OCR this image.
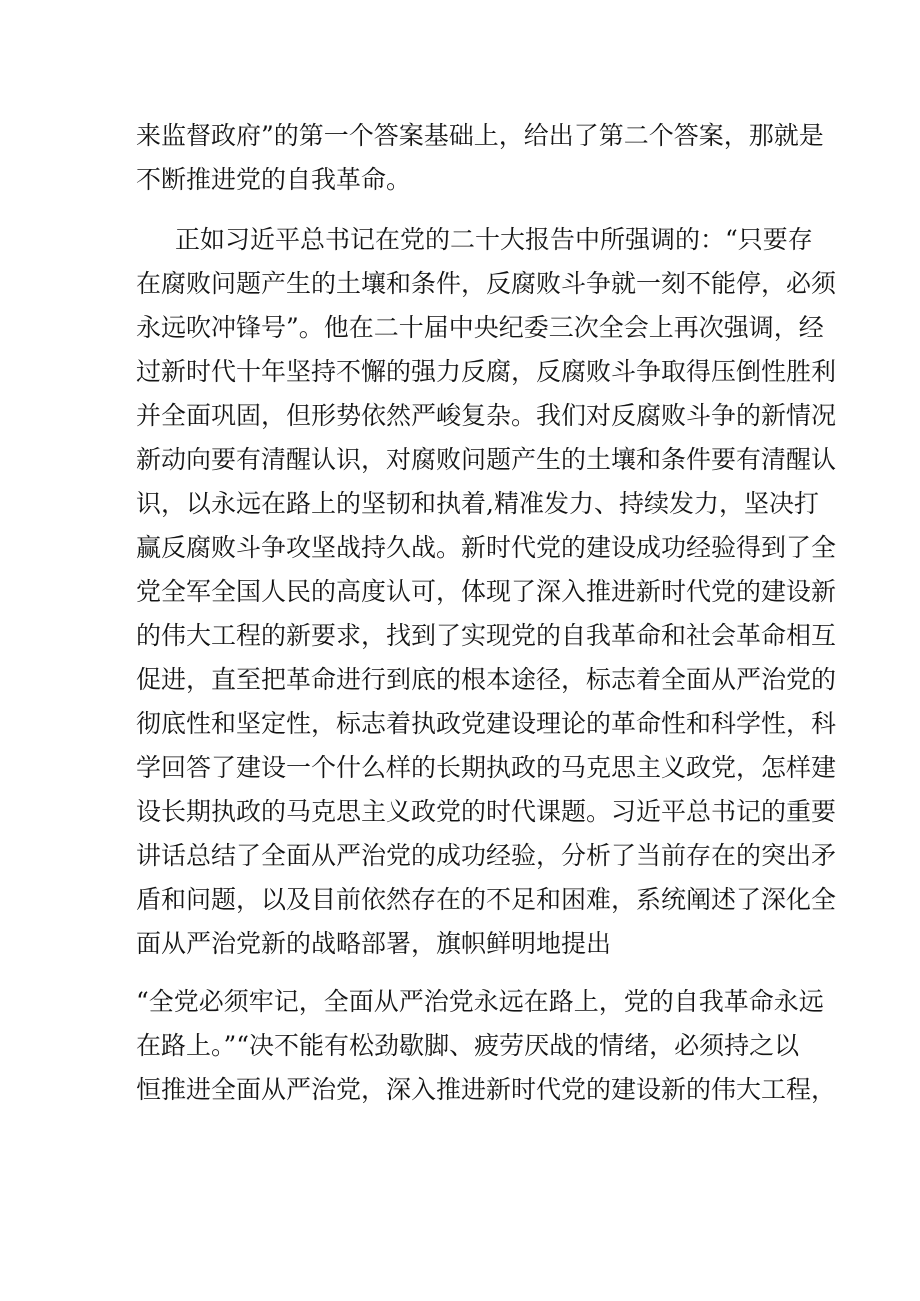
来监督政府”的第一个答案基础上，给出了第二个答案，那就是

不断推进党的自我革命。

正如习近平总书记在党的二十大报告中所强调的：“只要存

在腐败问题产生的土壤和条件，反腐败斗争就一刻不能停，必须

永远吹冲锋号”。他在二十届中央纪委三次全会上再次强调，经

过新时代十年坚持不懈的强力反腐，反腐败斗争取得压倒性胜利

并全面巩固，但形势依然严峻复杂。我们对反腐败斗争的新情况

新动向要有清醒认识，对腐败问题产生的土壤和条件要有清醒认

识，以永远在路上的坚韧和执着,精准发力、持续发力，坚决打

赢反腐败斗争攻坚战持久战。新时代党的建设成功经验得到了全

党全军全国人民的高度认可，体现了深入推进新时代党的建设新

的伟大工程的新要求，找到了实现党的自我革命和社会革命相互

促进，直至把革命进行到底的根本途径，标志着全面从严治党的

彻底性和坚定性，标志着执政党建设理论的革命性和科学性，科

学回答了建设一个什么样的长期执政的马克思主义政党，怎样建

设长期执政的马克思主义政党的时代课题。习近平总书记的重要

讲话总结了全面从严治党的成功经验，分析了当前存在的突出矛

盾和问题，以及目前依然存在的不足和困难，系统阐述了深化全

面从严治党新的战略部署，旗帜鲜明地提出

“全党必须牢记，全面从严治党永远在路上，党的自我革命永远

在路上。”“决不能有松劲歇脚、疲劳厌战的情绪，必须持之以

恒推进全面从严治党，深入推进新时代党的建设新的伟大工程，
